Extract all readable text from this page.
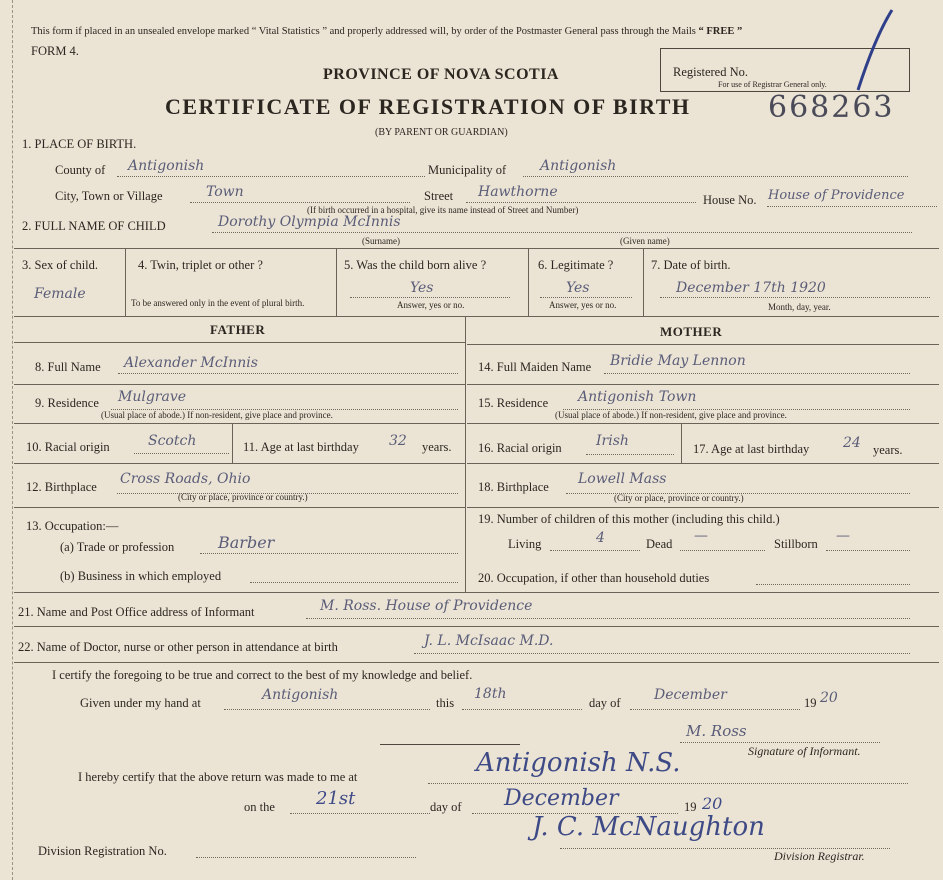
This form if placed in an unsealed envelope marked “ Vital Statistics ” and properly addressed will, by order of the Postmaster General pass through the Mails “ FREE ”
FORM 4.
Registered No.
For use of Registrar General only.
PROVINCE OF NOVA SCOTIA
CERTIFICATE OF REGISTRATION OF BIRTH	668263
(BY PARENT OR GUARDIAN)
1. PLACE OF BIRTH.
County of Antigonish	Municipality of Antigonish
City, Town or Village	Town	Street Hawthorne
(If birth occurred in a hospital, give its name instead of Street and Number)
House No. House of Providence
2. FULL NAME OF CHILD	Dorothy Olympia McInnis
(Surname)	(Given name)
3. Sex of child.
Female
4. Twin, triplet or other ?
To be answered only in the event of plural birth.
5. Was the child born alive ?
Yes
Answer, yes or no.
6. Legitimate ?
Yes
Answer, yes or no.
7. Date of birth.
December 17th 1920
Month, day, year.
FATHER	MOTHER
8. Full Name Alexander McInnis
9. Residence Mulgrave
(Usual place of abode.) If non-resident, give place and province.
10. Racial origin	Scotch	11. Age at last birthday 32 years.
12. Birthplace Cross Roads, Ohio
(City or place, province or country.)
13. Occupation:—
(a) Trade or profession	Barber
(b) Business in which employed
14. Full Maiden Name Bridie May Lennon
15. Residence Antigonish Town
(Usual place of abode.) If non-resident, give place and province.
16. Racial origin Irish	17. Age at last birthday 24 years.
18. Birthplace Lowell Mass
(City or place, province or country.)
19. Number of children of this mother (including this child.)
Living	4	Dead —	Stillborn —
20. Occupation, if other than household duties
21. Name and Post Office address of Informant	M. Ross. House of Providence
22. Name of Doctor, nurse or other person in attendance at birth	J. L. McIsaac M.D.
I certify the foregoing to be true and correct to the best of my knowledge and belief.
Given under my hand at	Antigonish	this
18th
day of December	19 20
M. Ross
Signature of Informant.
I hereby certify that the above return was made to me at	Antigonish N.S.
on the 21st	day of December	19 20
Division Registration No.
J. C. McNaughton
Division Registrar.
